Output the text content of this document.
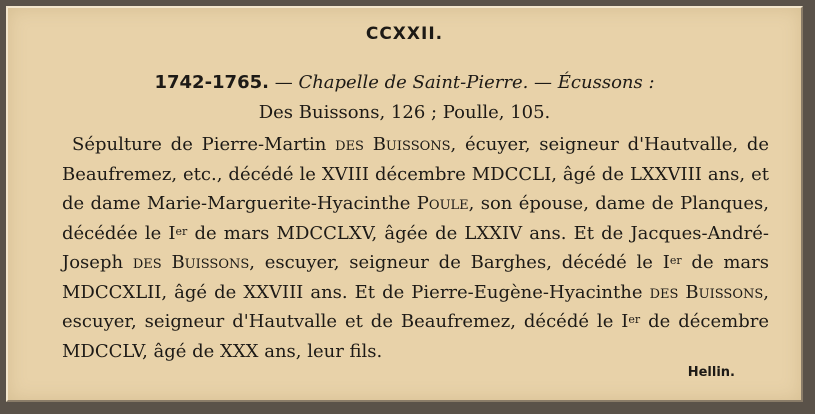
CCXXII.
1742-1765. — Chapelle de Saint-Pierre. — Écussons :
Des Buissons, 126 ; Poulle, 105.
Sépulture de Pierre-Martin des Buissons, écuyer, seigneur d'Hautvalle, de Beaufremez, etc., décédé le XVIII décembre MDCCLI, âgé de LXXVIII ans, et de dame Marie-Marguerite-Hyacinthe Poule, son épouse, dame de Planques, décédée le Ier de mars MDCCLXV, âgée de LXXIV ans. Et de Jacques-André-Joseph des Buissons, escuyer, seigneur de Barghes, décédé le Ier de mars MDCCXLII, âgé de XXVIII ans. Et de Pierre-Eugène-Hyacinthe des Buissons, escuyer, seigneur d'Hautvalle et de Beaufremez, décédé le Ier de décembre MDCCLV, âgé de XXX ans, leur fils.
Hellin.
